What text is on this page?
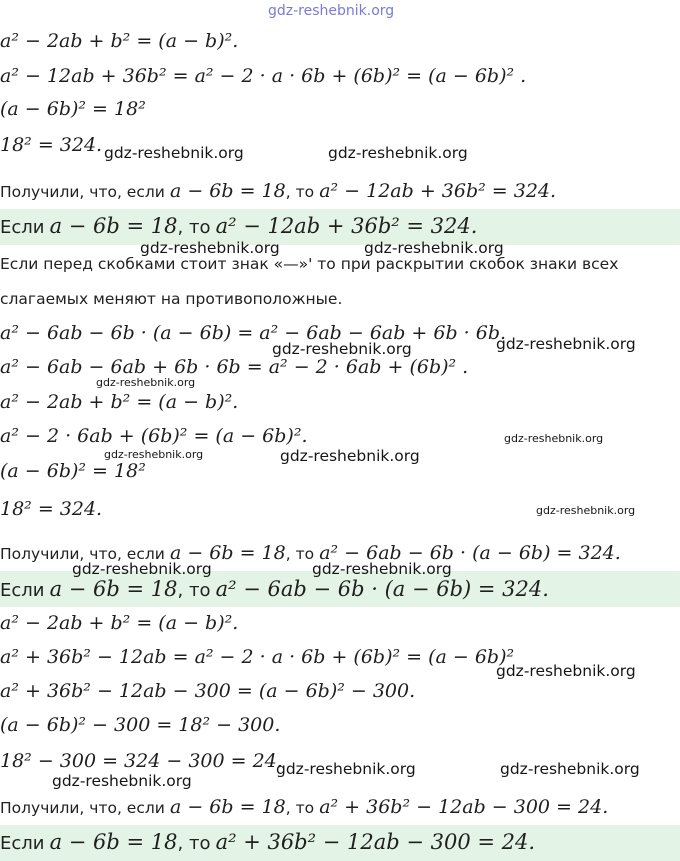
a² − 2ab + b² = (a − b)².
a² − 12ab + 36b² = a² − 2 · a · 6b + (6b)² = (a − 6b)² .
(a − 6b)² = 18²
18² = 324.
Получили, что, если a − 6b = 18, то a² − 12ab + 36b² = 324.
Если a − 6b = 18, то a² − 12ab + 36b² = 324.
Если перед скобками стоит знак «—»' то при раскрытии скобок знаки всех
слагаемых меняют на противоположные.
a² − 6ab − 6b · (a − 6b) = a² − 6ab − 6ab + 6b · 6b.
a² − 6ab − 6ab + 6b · 6b = a² − 2 · 6ab + (6b)² .
a² − 2ab + b² = (a − b)².
a² − 2 · 6ab + (6b)² = (a − 6b)².
(a − 6b)² = 18²
18² = 324.
Получили, что, если a − 6b = 18, то a² − 6ab − 6b · (a − 6b) = 324.
Если a − 6b = 18, то a² − 6ab − 6b · (a − 6b) = 324.
a² − 2ab + b² = (a − b)².
a² + 36b² − 12ab = a² − 2 · a · 6b + (6b)² = (a − 6b)²
a² + 36b² − 12ab − 300 = (a − 6b)² − 300.
(a − 6b)² − 300 = 18² − 300.
18² − 300 = 324 − 300 = 24.
Получили, что, если a − 6b = 18, то a² + 36b² − 12ab − 300 = 24.
Если a − 6b = 18, то a² + 36b² − 12ab − 300 = 24.
gdz-reshebnik.org
gdz-reshebnik.org	gdz-reshebnik.org
gdz-reshebnik.org	gdz-reshebnik.org
gdz-reshebnik.org	gdz-reshebnik.org
gdz-reshebnik.org
gdz-reshebnik.org
gdz-reshebnik.org	gdz-reshebnik.org
gdz-reshebnik.org
gdz-reshebnik.org	gdz-reshebnik.org
gdz-reshebnik.org
gdz-reshebnik.org	gdz-reshebnik.org
gdz-reshebnik.org
